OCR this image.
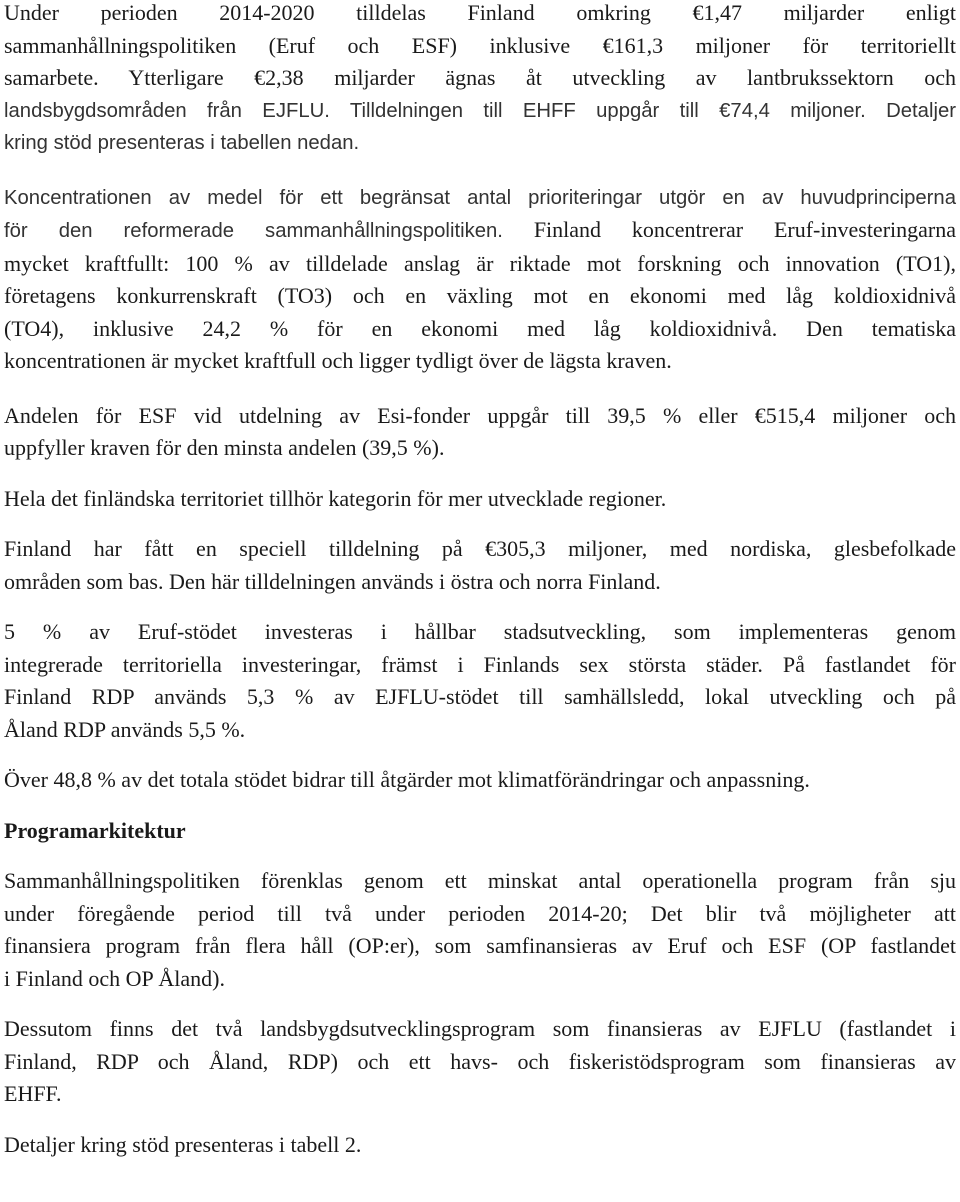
Under perioden 2014-2020 tilldelas Finland omkring €1,47 miljarder enligt
sammanhållningspolitiken (Eruf och ESF) inklusive €161,3 miljoner för territoriellt
samarbete. Ytterligare €2,38 miljarder ägnas åt utveckling av lantbrukssektorn och
landsbygdsområden från EJFLU. Tilldelningen till EHFF uppgår till €74,4 miljoner. Detaljer
kring stöd presenteras i tabellen nedan.
Koncentrationen av medel för ett begränsat antal prioriteringar utgör en av huvudprinciperna
för den reformerade sammanhållningspolitiken. Finland koncentrerar Eruf-investeringarna
mycket kraftfullt: 100 % av tilldelade anslag är riktade mot forskning och innovation (TO1),
företagens konkurrenskraft (TO3) och en växling mot en ekonomi med låg koldioxidnivå
(TO4), inklusive 24,2 % för en ekonomi med låg koldioxidnivå. Den tematiska
koncentrationen är mycket kraftfull och ligger tydligt över de lägsta kraven.
Andelen för ESF vid utdelning av Esi-fonder uppgår till 39,5 % eller €515,4 miljoner och
uppfyller kraven för den minsta andelen (39,5 %).
Hela det finländska territoriet tillhör kategorin för mer utvecklade regioner.
Finland har fått en speciell tilldelning på €305,3 miljoner, med nordiska, glesbefolkade
områden som bas. Den här tilldelningen används i östra och norra Finland.
5 % av Eruf-stödet investeras i hållbar stadsutveckling, som implementeras genom
integrerade territoriella investeringar, främst i Finlands sex största städer. På fastlandet för
Finland RDP används 5,3 % av EJFLU-stödet till samhällsledd, lokal utveckling och på
Åland RDP används 5,5 %.
Över 48,8 % av det totala stödet bidrar till åtgärder mot klimatförändringar och anpassning.
Programarkitektur
Sammanhållningspolitiken förenklas genom ett minskat antal operationella program från sju
under föregående period till två under perioden 2014-20; Det blir två möjligheter att
finansiera program från flera håll (OP:er), som samfinansieras av Eruf och ESF (OP fastlandet
i Finland och OP Åland).
Dessutom finns det två landsbygdsutvecklingsprogram som finansieras av EJFLU (fastlandet i
Finland, RDP och Åland, RDP) och ett havs- och fiskeristödsprogram som finansieras av
EHFF.
Detaljer kring stöd presenteras i tabell 2.
